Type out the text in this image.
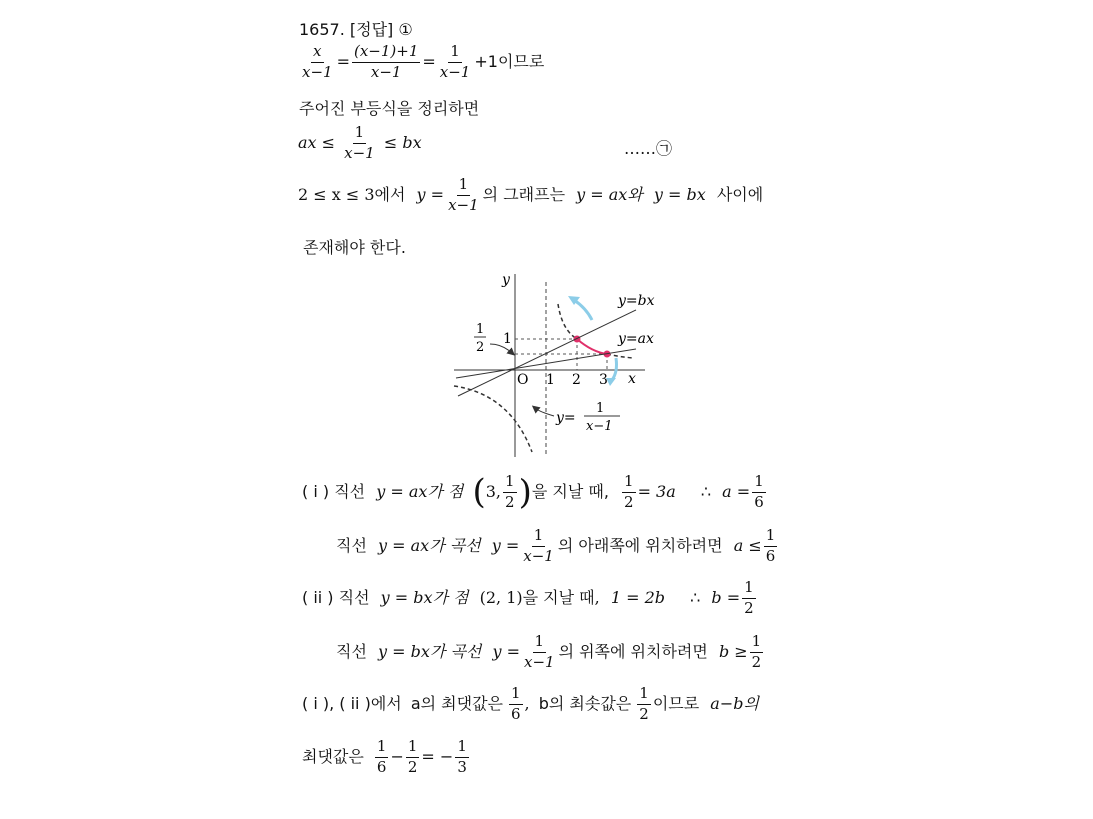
1657. [정답] ①
$\frac{x}{x-1} = \frac{(x-1)+1}{x-1} = \frac{1}{x-1} +1$이므로
주어진 부등식을 정리하면
ax ≤ $\frac{1}{x-1}$ ≤ bx	……㉠
2 ≤ x ≤ 3에서 $y = \frac{1}{x-1}$ 의 그래프는 y = ax와 y = bx 사이에
존재해야 한다.
y
x
O 1 2 3
1
1
2
y=bx
y=ax
y=
1
x−1
( i ) 직선 y = ax가 점 (3, $\frac{1}{2}$ )을 지날 때, $\frac{1}{2} = 3a$ ∴ $a = \frac{1}{6}$
직선 y = ax가 곡선 $y = \frac{1}{x-1}$ 의 아래쪽에 위치하려면 $a \le \frac{1}{6}$
( ii ) 직선 y = bx가 점 (2, 1)을 지날 때, 1 = 2b ∴ $b = \frac{1}{2}$
직선 y = bx가 곡선 $y = \frac{1}{x-1}$ 의 위쪽에 위치하려면 $b \ge \frac{1}{2}$
( i ), ( ii )에서 a의 최댓값은 $\frac{1}{6}$ , b의 최솟값은 $\frac{1}{2}$ 이므로 a−b의
최댓값은 $\frac{1}{6} - \frac{1}{2}$ = − $\frac{1}{3}$
